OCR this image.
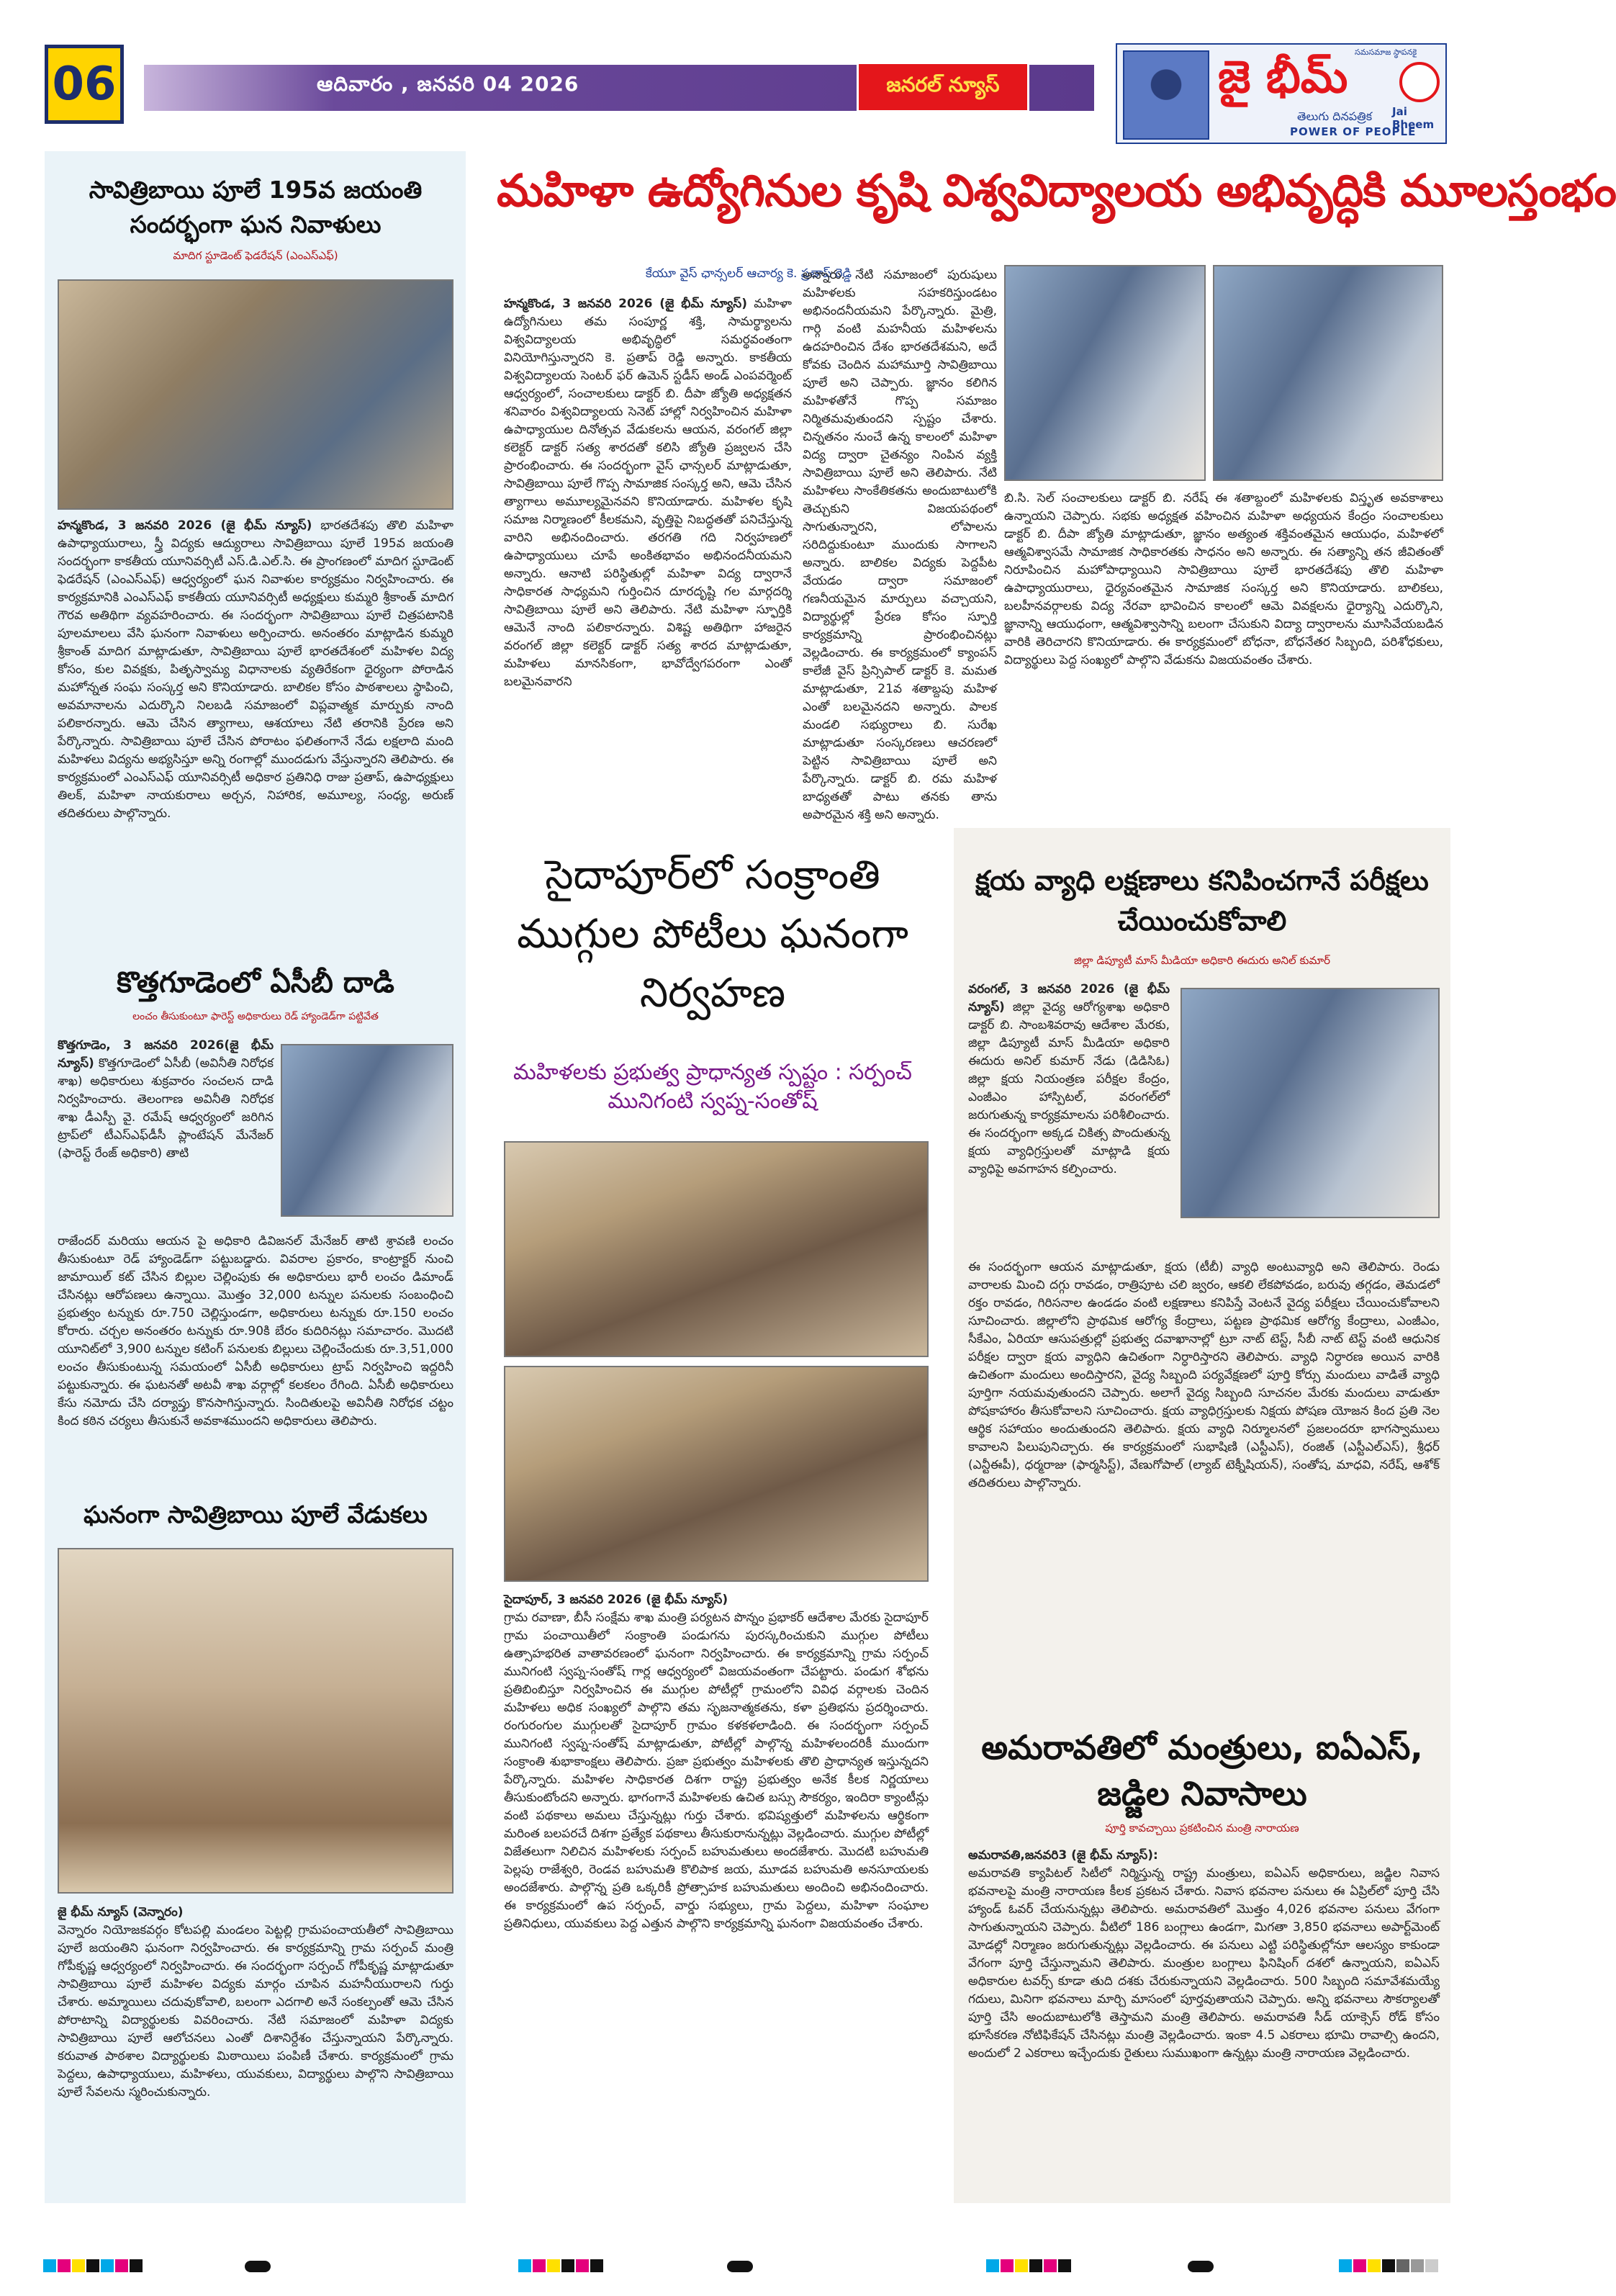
06	ఆదివారం , జనవరి 04 2026	జనరల్ న్యూస్
సమసమాజ స్థాపనకై
జై భీమ్
తెలుగు దినపత్రిక
POWER OF PEOPLE
Jai Bheem
సావిత్రిబాయి పూలే 195వ జయంతి సందర్భంగా ఘన నివాళులు
మాదిగ స్టూడెంట్ ఫెడరేషన్ (ఎంఎస్ఎఫ్)
హన్మకొండ, 3 జనవరి 2026 (జై భీమ్ న్యూస్) భారతదేశపు తొలి మహిళా ఉపాధ్యాయురాలు, స్త్రీ విద్యకు ఆద్యురాలు సావిత్రిబాయి పూలే 195వ జయంతి సందర్భంగా కాకతీయ యూనివర్సిటీ ఎస్.డి.ఎల్.సి. ఈ ప్రాంగణంలో మాదిగ స్టూడెంట్ ఫెడరేషన్ (ఎంఎస్ఎఫ్) ఆధ్వర్యంలో ఘన నివాళుల కార్యక్రమం నిర్వహించారు. ఈ కార్యక్రమానికి ఎంఎస్ఎఫ్ కాకతీయ యూనివర్సిటీ అధ్యక్షులు కుమ్మరి శ్రీకాంత్ మాదిగ గౌరవ అతిథిగా వ్యవహరించారు. ఈ సందర్భంగా సావిత్రిబాయి పూలే చిత్రపటానికి పూలమాలలు వేసి ఘనంగా నివాళులు అర్పించారు. అనంతరం మాట్లాడిన కుమ్మరి శ్రీకాంత్ మాదిగ మాట్లాడుతూ, సావిత్రిబాయి పూలే భారతదేశంలో మహిళల విద్య కోసం, కుల వివక్షకు, పితృస్వామ్య విధానాలకు వ్యతిరేకంగా ధైర్యంగా పోరాడిన మహోన్నత సంఘ సంస్కర్త అని కొనియాడారు. బాలికల కోసం పాఠశాలలు స్థాపించి, అవమానాలను ఎదుర్కొని నిలబడి సమాజంలో విప్లవాత్మక మార్పుకు నాంది పలికారన్నారు. ఆమె చేసిన త్యాగాలు, ఆశయాలు నేటి తరానికి ప్రేరణ అని పేర్కొన్నారు. సావిత్రిబాయి పూలే చేసిన పోరాటం ఫలితంగానే నేడు లక్షలాది మంది మహిళలు విద్యను అభ్యసిస్తూ అన్ని రంగాల్లో ముందడుగు వేస్తున్నారని తెలిపారు. ఈ కార్యక్రమంలో ఎంఎస్ఎఫ్ యూనివర్సిటీ అధికార ప్రతినిధి రాజు ప్రతాప్, ఉపాధ్యక్షులు తిలక్, మహిళా నాయకురాలు అర్చన, నిహారిక, అమూల్య, సంధ్య, అరుణ్ తదితరులు పాల్గొన్నారు.
కొత్తగూడెంలో ఏసీబీ దాడి
లంచం తీసుకుంటూ ఫారెస్ట్ అధికారులు రెడ్ హ్యాండెడ్‌గా పట్టివేత
కొత్తగూడెం, 3 జనవరి 2026(జై భీమ్ న్యూస్) కొత్తగూడెంలో ఏసీబీ (అవినీతి నిరోధక శాఖ) అధికారులు శుక్రవారం సంచలన దాడి నిర్వహించారు. తెలంగాణ అవినీతి నిరోధక శాఖ డీఎస్పీ వై. రమేష్ ఆధ్వర్యంలో జరిగిన ట్రాప్‌లో టీఎస్‌ఎఫ్‌డీసీ ప్లాంటేషన్ మేనేజర్ (ఫారెస్ట్ రేంజ్ అధికారి) తాటి
రాజేందర్ మరియు ఆయన పై అధికారి డివిజనల్ మేనేజర్ తాటి శ్రావణి లంచం తీసుకుంటూ రెడ్ హ్యాండెడ్‌గా పట్టుబడ్డారు. వివరాల ప్రకారం, కాంట్రాక్టర్ నుంచి జామాయిల్ కట్ చేసిన బిల్లుల చెల్లింపుకు ఈ అధికారులు భారీ లంచం డిమాండ్ చేసినట్లు ఆరోపణలు ఉన్నాయి. మొత్తం 32,000 టన్నుల పనులకు సంబంధించి ప్రభుత్వం టన్నుకు రూ.750 చెల్లిస్తుండగా, అధికారులు టన్నుకు రూ.150 లంచం కోరారు. చర్చల అనంతరం టన్నుకు రూ.90కి బేరం కుదిరినట్లు సమాచారం. మొదటి యూనిట్‌లో 3,900 టన్నుల కటింగ్ పనులకు బిల్లులు చెల్లించేందుకు రూ.3,51,000 లంచం తీసుకుంటున్న సమయంలో ఏసీబీ అధికారులు ట్రాప్ నిర్వహించి ఇద్దరినీ పట్టుకున్నారు. ఈ ఘటనతో అటవీ శాఖ వర్గాల్లో కలకలం రేగింది. ఏసీబీ అధికారులు కేసు నమోదు చేసి దర్యాప్తు కొనసాగిస్తున్నారు. సిందితులపై అవినీతి నిరోధక చట్టం కింద కఠిన చర్యలు తీసుకునే అవకాశముందని అధికారులు తెలిపారు.
ఘనంగా సావిత్రిబాయి పూలే వేడుకలు
జై భీమ్ న్యూస్ (వెన్నారం)
వెన్నారం నియోజకవర్గం కోటపల్లి మండలం పెట్టల్లి గ్రామపంచాయతీలో సావిత్రిబాయి పూలే జయంతిని ఘనంగా నిర్వహించారు. ఈ కార్యక్రమాన్ని గ్రామ సర్పంచ్ మంత్రి గోపీకృష్ణ ఆధ్వర్యంలో నిర్వహించారు. ఈ సందర్భంగా సర్పంచ్ గోపీకృష్ణ మాట్లాడుతూ సావిత్రిబాయి పూలే మహిళల విద్యకు మార్గం చూపిన మహనీయురాలని గుర్తు చేశారు. అమ్మాయిలు చదువుకోవాలి, బలంగా ఎదగాలి అనే సంకల్పంతో ఆమె చేసిన పోరాటాన్ని విద్యార్థులకు వివరించారు. నేటి సమాజంలో మహిళా విద్యకు సావిత్రిబాయి పూలే ఆలోచనలు ఎంతో దిశానిర్దేశం చేస్తున్నాయని పేర్కొన్నారు. కరువాత పాఠశాల విద్యార్థులకు మిఠాయిలు పంపిణీ చేశారు. కార్యక్రమంలో గ్రామ పెద్దలు, ఉపాధ్యాయులు, మహిళలు, యువకులు, విద్యార్థులు పాల్గొని సావిత్రిబాయి పూలే సేవలను స్మరించుకున్నారు.
మహిళా ఉద్యోగినుల కృషి విశ్వవిద్యాలయ అభివృద్ధికి మూలస్తంభం
కేయూ వైస్ ఛాన్సలర్ ఆచార్య కె. ప్రతాప్ రెడ్డి
హన్మకొండ, 3 జనవరి 2026 (జై భీమ్ న్యూస్) మహిళా ఉద్యోగినులు తమ సంపూర్ణ శక్తి, సామర్థ్యాలను విశ్వవిద్యాలయ అభివృద్ధిలో సమర్థవంతంగా వినియోగిస్తున్నారని కె. ప్రతాప్ రెడ్డి అన్నారు. కాకతీయ విశ్వవిద్యాలయ సెంటర్ ఫర్ ఉమెన్ స్టడీస్ అండ్ ఎంపవర్మెంట్ ఆధ్వర్యంలో, సంచాలకులు డాక్టర్ బి. దీపా జ్యోతి అధ్యక్షతన శనివారం విశ్వవిద్యాలయ సెనెట్ హాల్లో నిర్వహించిన మహిళా ఉపాధ్యాయుల దినోత్సవ వేడుకలను ఆయన, వరంగల్ జిల్లా కలెక్టర్ డాక్టర్ సత్య శారదతో కలిసి జ్యోతి ప్రజ్వలన చేసి ప్రారంభించారు. ఈ సందర్భంగా వైస్ ఛాన్సలర్ మాట్లాడుతూ, సావిత్రిబాయి పూలే గొప్ప సామాజిక సంస్కర్త అని, ఆమె చేసిన త్యాగాలు అమూల్యమైనవని కొనియాడారు. మహిళల కృషి సమాజ నిర్మాణంలో కీలకమని, వృత్తిపై నిబద్ధతతో పనిచేస్తున్న వారిని అభినందించారు. తరగతి గది నిర్వహణలో ఉపాధ్యాయులు చూపే అంకితభావం అభినందనీయమని అన్నారు. ఆనాటి పరిస్థితుల్లో మహిళా విద్య ద్వారానే సాధికారత సాధ్యమని గుర్తించిన దూరదృష్టి గల మార్గదర్శి సావిత్రిబాయి పూలే అని తెలిపారు. నేటి మహిళా స్ఫూర్తికి ఆమెనే నాంది పలికారన్నారు. విశిష్ట అతిథిగా హాజరైన వరంగల్ జిల్లా కలెక్టర్ డాక్టర్ సత్య శారద మాట్లాడుతూ, మహిళలు మానసికంగా, భావోద్వేగపరంగా ఎంతో బలమైనవారని
అన్నారు. నేటి సమాజంలో పురుషులు మహిళలకు సహకరిస్తుండటం అభినందనీయమని పేర్కొన్నారు. మైత్రి, గార్గి వంటి మహనీయ మహిళలను ఉదహరించిన దేశం భారతదేశమని, అదే కోవకు చెందిన మహామూర్తి సావిత్రిబాయి పూలే అని చెప్పారు. జ్ఞానం కలిగిన మహిళతోనే గొప్ప సమాజం నిర్మితమవుతుందని స్పష్టం చేశారు. చిన్నతనం నుంచే ఉన్న కాలంలో మహిళా విద్య ద్వారా చైతన్యం నింపిన వ్యక్తి సావిత్రిబాయి పూలే అని తెలిపారు. నేటి మహిళలు సాంకేతికతను అందుబాటులోకి తెచ్చుకుని విజయపథంలో సాగుతున్నారని, లోపాలను సరిదిద్దుకుంటూ ముందుకు సాగాలని అన్నారు. బాలికల విద్యకు పెద్దపీట వేయడం ద్వారా సమాజంలో గణనీయమైన మార్పులు వచ్చాయని, విద్యార్థుల్లో ప్రేరణ కోసం స్ఫూర్తి కార్యక్రమాన్ని ప్రారంభించినట్లు వెల్లడించారు. ఈ కార్యక్రమంలో క్యాంపస్ కాలేజీ వైస్ ప్రిన్సిపాల్ డాక్టర్ కె. మమత మాట్లాడుతూ, 21వ శతాబ్దపు మహిళ ఎంతో బలమైనదని అన్నారు. పాలక మండలి సభ్యురాలు బి. సురేఖ మాట్లాడుతూ సంస్కరణలు ఆచరణలో పెట్టిన సావిత్రిబాయి పూలే అని పేర్కొన్నారు. డాక్టర్ బి. రమ మహిళ బాధ్యతతో పాటు తనకు తాను అపారమైన శక్తి అని అన్నారు.
బి.సి. సెల్ సంచాలకులు డాక్టర్ బి. నరేష్ ఈ శతాబ్దంలో మహిళలకు విస్తృత అవకాశాలు ఉన్నాయని చెప్పారు. సభకు అధ్యక్షత వహించిన మహిళా అధ్యయన కేంద్రం సంచాలకులు డాక్టర్ బి. దీపా జ్యోతి మాట్లాడుతూ, జ్ఞానం అత్యంత శక్తివంతమైన ఆయుధం, మహిళలో ఆత్మవిశ్వాసమే సామాజిక సాధికారతకు సాధనం అని అన్నారు. ఈ సత్యాన్ని తన జీవితంతో నిరూపించిన మహోపాధ్యాయిని సావిత్రిబాయి పూలే భారతదేశపు తొలి మహిళా ఉపాధ్యాయురాలు, ధైర్యవంతమైన సామాజిక సంస్కర్త అని కొనియాడారు. బాలికలు, బలహీనవర్గాలకు విద్య నేరవా భావించిన కాలంలో ఆమె వివక్షలను ధైర్యాన్ని ఎదుర్కొని, జ్ఞానాన్ని ఆయుధంగా, ఆత్మవిశ్వాసాన్ని బలంగా చేసుకుని విద్యా ద్వారాలను మూసివేయబడిన వారికి తెరిచారని కొనియాడారు. ఈ కార్యక్రమంలో బోధనా, బోధనేతర సిబ్బంది, పరిశోధకులు, విద్యార్థులు పెద్ద సంఖ్యలో పాల్గొని వేడుకను విజయవంతం చేశారు.
సైదాపూర్‌లో సంక్రాంతి ముగ్గుల పోటీలు ఘనంగా నిర్వహణ
మహిళలకు ప్రభుత్వ ప్రాధాన్యత స్పష్టం : సర్పంచ్ మునిగంటి స్వప్న-సంతోష్
సైదాపూర్, 3 జనవరి 2026 (జై భీమ్ న్యూస్)
గ్రామ రవాణా, బీసీ సంక్షేమ శాఖ మంత్రి పర్యటన పొన్నం ప్రభాకర్ ఆదేశాల మేరకు సైదాపూర్ గ్రామ పంచాయితీలో సంక్రాంతి పండుగను పురస్కరించుకుని ముగ్గుల పోటీలు ఉత్సాహభరిత వాతావరణంలో ఘనంగా నిర్వహించారు. ఈ కార్యక్రమాన్ని గ్రామ సర్పంచ్ మునిగంటి స్వప్న-సంతోష్ గార్ల ఆధ్వర్యంలో విజయవంతంగా చేపట్టారు. పండుగ శోభను ప్రతిబింబిస్తూ నిర్వహించిన ఈ ముగ్గుల పోటీల్లో గ్రామంలోని వివిధ వర్గాలకు చెందిన మహిళలు అధిక సంఖ్యలో పాల్గొని తమ సృజనాత్మకతను, కళా ప్రతిభను ప్రదర్శించారు. రంగురంగుల ముగ్గులతో సైదాపూర్ గ్రామం కళకళలాడింది. ఈ సందర్భంగా సర్పంచ్ మునిగంటి స్వప్న-సంతోష్ మాట్లాడుతూ, పోటీల్లో పాల్గొన్న మహిళలందరికీ ముందుగా సంక్రాంతి శుభాకాంక్షలు తెలిపారు. ప్రజా ప్రభుత్వం మహిళలకు తొలి ప్రాధాన్యత ఇస్తున్నదని పేర్కొన్నారు. మహిళల సాధికారత దిశగా రాష్ట్ర ప్రభుత్వం అనేక కీలక నిర్ణయాలు తీసుకుంటోందని అన్నారు. భాగంగానే మహిళలకు ఉచిత బస్సు సౌకర్యం, ఇందిరా క్యాంటీన్లు వంటి పథకాలు అమలు చేస్తున్నట్లు గుర్తు చేశారు. భవిష్యత్తులో మహిళలను ఆర్థికంగా మరింత బలపరచే దిశగా ప్రత్యేక పథకాలు తీసుకురానున్నట్లు వెల్లడించారు. ముగ్గుల పోటీల్లో విజేతలుగా నిలిచిన మహిళలకు సర్పంచ్ బహుమతులు అందజేశారు. మొదటి బహుమతి పెల్లపు రాజేశ్వరి, రెండవ బహుమతి కొలిపాక జయ, మూడవ బహుమతి అనసూయలకు అందజేశారు. పాల్గొన్న ప్రతి ఒక్కరికీ ప్రోత్సాహక బహుమతులు అందించి అభినందించారు. ఈ కార్యక్రమంలో ఉప సర్పంచ్, వార్డు సభ్యులు, గ్రామ పెద్దలు, మహిళా సంఘాల ప్రతినిధులు, యువకులు పెద్ద ఎత్తున పాల్గొని కార్యక్రమాన్ని ఘనంగా విజయవంతం చేశారు.
క్షయ వ్యాధి లక్షణాలు కనిపించగానే పరీక్షలు చేయించుకోవాలి
జిల్లా డిప్యూటీ మాస్ మీడియా అధికారి ఈదురు అనిల్ కుమార్
వరంగల్, 3 జనవరి 2026 (జై భీమ్ న్యూస్) జిల్లా వైద్య ఆరోగ్యశాఖ అధికారి డాక్టర్ బి. సాంబశివరావు ఆదేశాల మేరకు, జిల్లా డిప్యూటీ మాస్ మీడియా అధికారి ఈదురు అనిల్ కుమార్ నేడు (డిడిసిఓ) జిల్లా క్షయ నియంత్రణ పరీక్షల కేంద్రం, ఎంజీఎం హాస్పిటల్, వరంగల్‌లో జరుగుతున్న కార్యక్రమాలను పరిశీలించారు. ఈ సందర్భంగా అక్కడ చికిత్స పొందుతున్న క్షయ వ్యాధిగ్రస్తులతో మాట్లాడి క్షయ వ్యాధిపై అవగాహన కల్పించారు.
ఈ సందర్భంగా ఆయన మాట్లాడుతూ, క్షయ (టీబీ) వ్యాధి అంటువ్యాధి అని తెలిపారు. రెండు వారాలకు మించి దగ్గు రావడం, రాత్రిపూట చలి జ్వరం, ఆకలి లేకపోవడం, బరువు తగ్గడం, తెమడలో రక్తం రావడం, గిరిసనాల ఉండడం వంటి లక్షణాలు కనిపిస్తే వెంటనే వైద్య పరీక్షలు చేయించుకోవాలని సూచించారు. జిల్లాలోని ప్రాథమిక ఆరోగ్య కేంద్రాలు, పట్టణ ప్రాథమిక ఆరోగ్య కేంద్రాలు, ఎంజీఎం, సీకేఎం, ఏరియా ఆసుపత్రుల్లో ప్రభుత్వ దవాఖానాల్లో ట్రూ నాట్ టెస్ట్, సీబీ నాట్ టెస్ట్ వంటి ఆధునిక పరీక్షల ద్వారా క్షయ వ్యాధిని ఉచితంగా నిర్ధారిస్తారని తెలిపారు. వ్యాధి నిర్ధారణ అయిన వారికి ఉచితంగా మందులు అందిస్తారని, వైద్య సిబ్బంది పర్యవేక్షణలో పూర్తి కోర్సు మందులు వాడితే వ్యాధి పూర్తిగా నయమవుతుందని చెప్పారు. అలాగే వైద్య సిబ్బంది సూచనల మేరకు మందులు వాడుతూ పోషకాహారం తీసుకోవాలని సూచించారు. క్షయ వ్యాధిగ్రస్తులకు నిక్షయ పోషణ యోజన కింద ప్రతి నెల ఆర్థిక సహాయం అందుతుందని తెలిపారు. క్షయ వ్యాధి నిర్మూలనలో ప్రజలందరూ భాగస్వాములు కావాలని పిలుపునిచ్చారు. ఈ కార్యక్రమంలో సుభాషిణి (ఎస్టీఎస్), రంజిత్ (ఎస్టీఎల్ఎస్), శ్రీధర్ (ఎన్టీఈపీ), ధర్మరాజు (ఫార్మసిస్ట్), వేణుగోపాల్ (ల్యాబ్ టెక్నీషియన్), సంతోష, మాధవి, నరేష్, ఆశోక్ తదితరులు పాల్గొన్నారు.
అమరావతిలో మంత్రులు, ఐఏఎస్, జడ్జిల నివాసాలు
పూర్తి కావచ్చాయి ప్రకటించిన మంత్రి నారాయణ
అమరావతి,జనవరి3 (జై భీమ్ న్యూస్):
అమరావతి క్యాపిటల్ సిటీలో నిర్మిస్తున్న రాష్ట్ర మంత్రులు, ఐఏఎస్ అధికారులు, జడ్జిల నివాస భవనాలపై మంత్రి నారాయణ కీలక ప్రకటన చేశారు. నివాస భవనాల పనులు ఈ ఏప్రిల్‌లో పూర్తి చేసి హ్యాండ్ ఓవర్ చేయనున్నట్లు తెలిపారు. అమరావతిలో మొత్తం 4,026 భవనాల పనులు వేగంగా సాగుతున్నాయని చెప్పారు. వీటిలో 186 బంగ్లాలు ఉండగా, మిగతా 3,850 భవనాలు అపార్ట్‌మెంట్ మోడల్లో నిర్మాణం జరుగుతున్నట్లు వెల్లడించారు. ఈ పనులు ఎట్టి పరిస్థితుల్లోనూ ఆలస్యం కాకుండా వేగంగా పూర్తి చేస్తున్నామని తెలిపారు. మంత్రుల బంగ్లాలు ఫినిషింగ్ దశలో ఉన్నాయని, ఐఏఎస్ అధికారుల టవర్స్ కూడా తుది దశకు చేరుకున్నాయని వెల్లడించారు. 500 సిబ్బంది సమావేశమయ్యే గదులు, మినిగా భవనాలు మార్చి మాసంలో పూర్తవుతాయని చెప్పారు. అన్ని భవనాలు సౌకర్యాలతో పూర్తి చేసి అందుబాటులోకి తెస్తామని మంత్రి తెలిపారు. అమరావతి సీడ్ యాక్సెస్ రోడ్ కోసం భూసేకరణ నోటిఫికేషన్ చేసినట్లు మంత్రి వెల్లడించారు. ఇంకా 4.5 ఎకరాలు భూమి రావాల్సి ఉందని, అందులో 2 ఎకరాలు ఇచ్చేందుకు రైతులు సుముఖంగా ఉన్నట్లు మంత్రి నారాయణ వెల్లడించారు.
